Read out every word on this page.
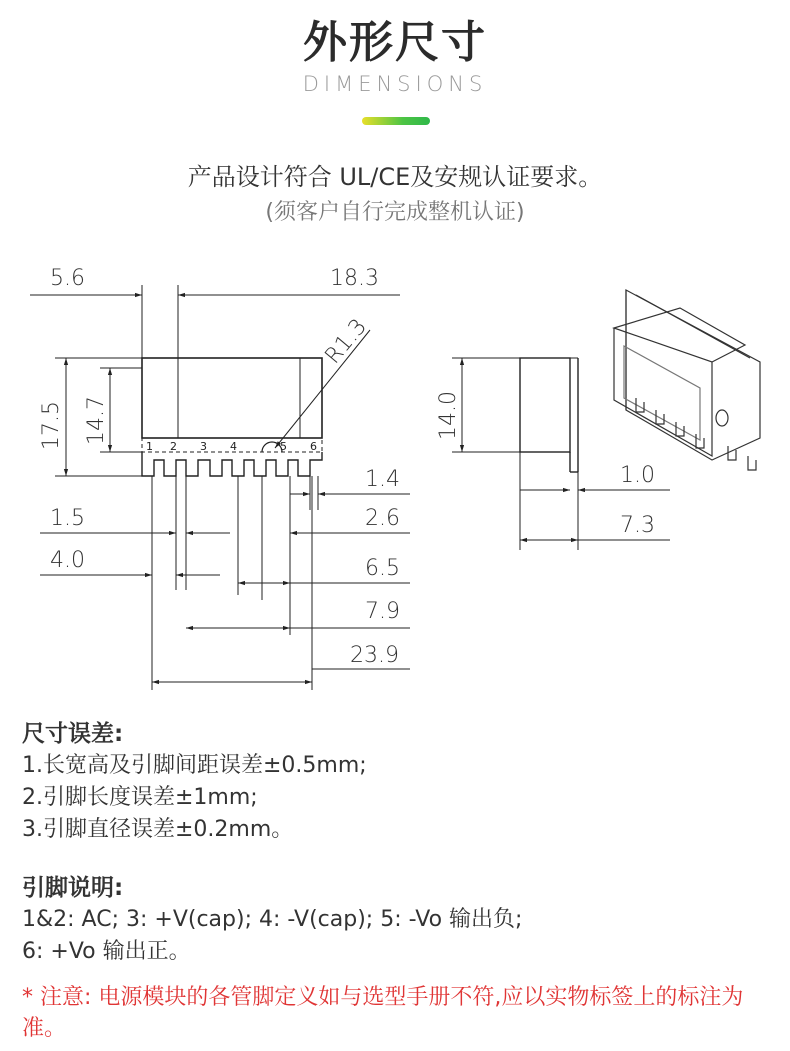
外形尺寸
DIMENSIONS
产品设计符合 UL/CE及安规认证要求。
(须客户自行完成整机认证)
1 2 3 4	5 6
5.6	18.3
R1.3
17.5 14.7
1.4
1.5	2.6
4.0	6.5
7.9
23.9
14.0
1.0
7.3
尺寸误差:
1.长宽高及引脚间距误差±0.5mm;
2.引脚长度误差±1mm;
3.引脚直径误差±0.2mm。
引脚说明:
1&2: AC; 3: +V(cap); 4: -V(cap); 5: -Vo 输出负;
6: +Vo 输出正。
* 注意: 电源模块的各管脚定义如与选型手册不符,应以实物标签上的标注为准。
